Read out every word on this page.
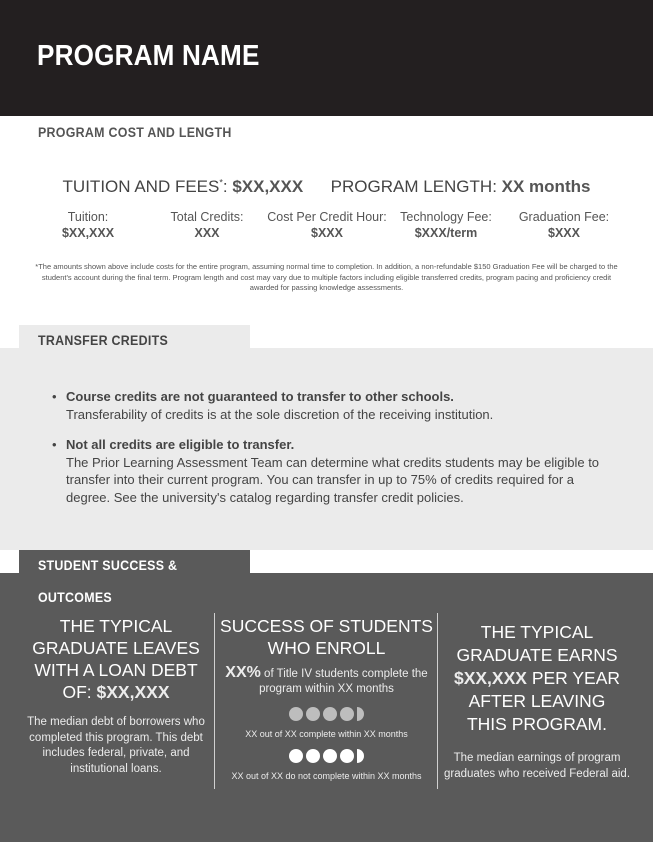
PROGRAM NAME
PROGRAM COST AND LENGTH
TUITION AND FEES*: $XX,XXX PROGRAM LENGTH: XX months
Tuition:
$XX,XXX
Total Credits:
XXX
Cost Per Credit Hour:
$XXX
Technology Fee:
$XXX/term
Graduation Fee:
$XXX
*The amounts shown above include costs for the entire program, assuming normal time to completion. In addition, a non-refundable $150 Graduation Fee will be charged to the student's account during the final term. Program length and cost may vary due to multiple factors including eligible transferred credits, program pacing and proficiency credit awarded for passing knowledge assessments.
• Course credits are not guaranteed to transfer to other schools.
Transferability of credits is at the sole discretion of the receiving institution.
• Not all credits are eligible to transfer.
The Prior Learning Assessment Team can determine what credits students may be eligible to transfer into their current program. You can transfer in up to 75% of credits required for a degree. See the university's catalog regarding transfer credit policies.
TRANSFER CREDITS
THE TYPICAL
GRADUATE LEAVES
WITH A LOAN DEBT
OF: $XX,XXX
The median debt of borrowers who completed this program. This debt includes federal, private, and institutional loans.
SUCCESS OF STUDENTS
WHO ENROLL
XX% of Title IV students complete the program within XX months
XX out of XX complete within XX months
XX out of XX do not complete within XX months
THE TYPICAL
GRADUATE EARNS
$XX,XXX PER YEAR
AFTER LEAVING
THIS PROGRAM.
The median earnings of program graduates who received Federal aid.
STUDENT SUCCESS & OUTCOMES
